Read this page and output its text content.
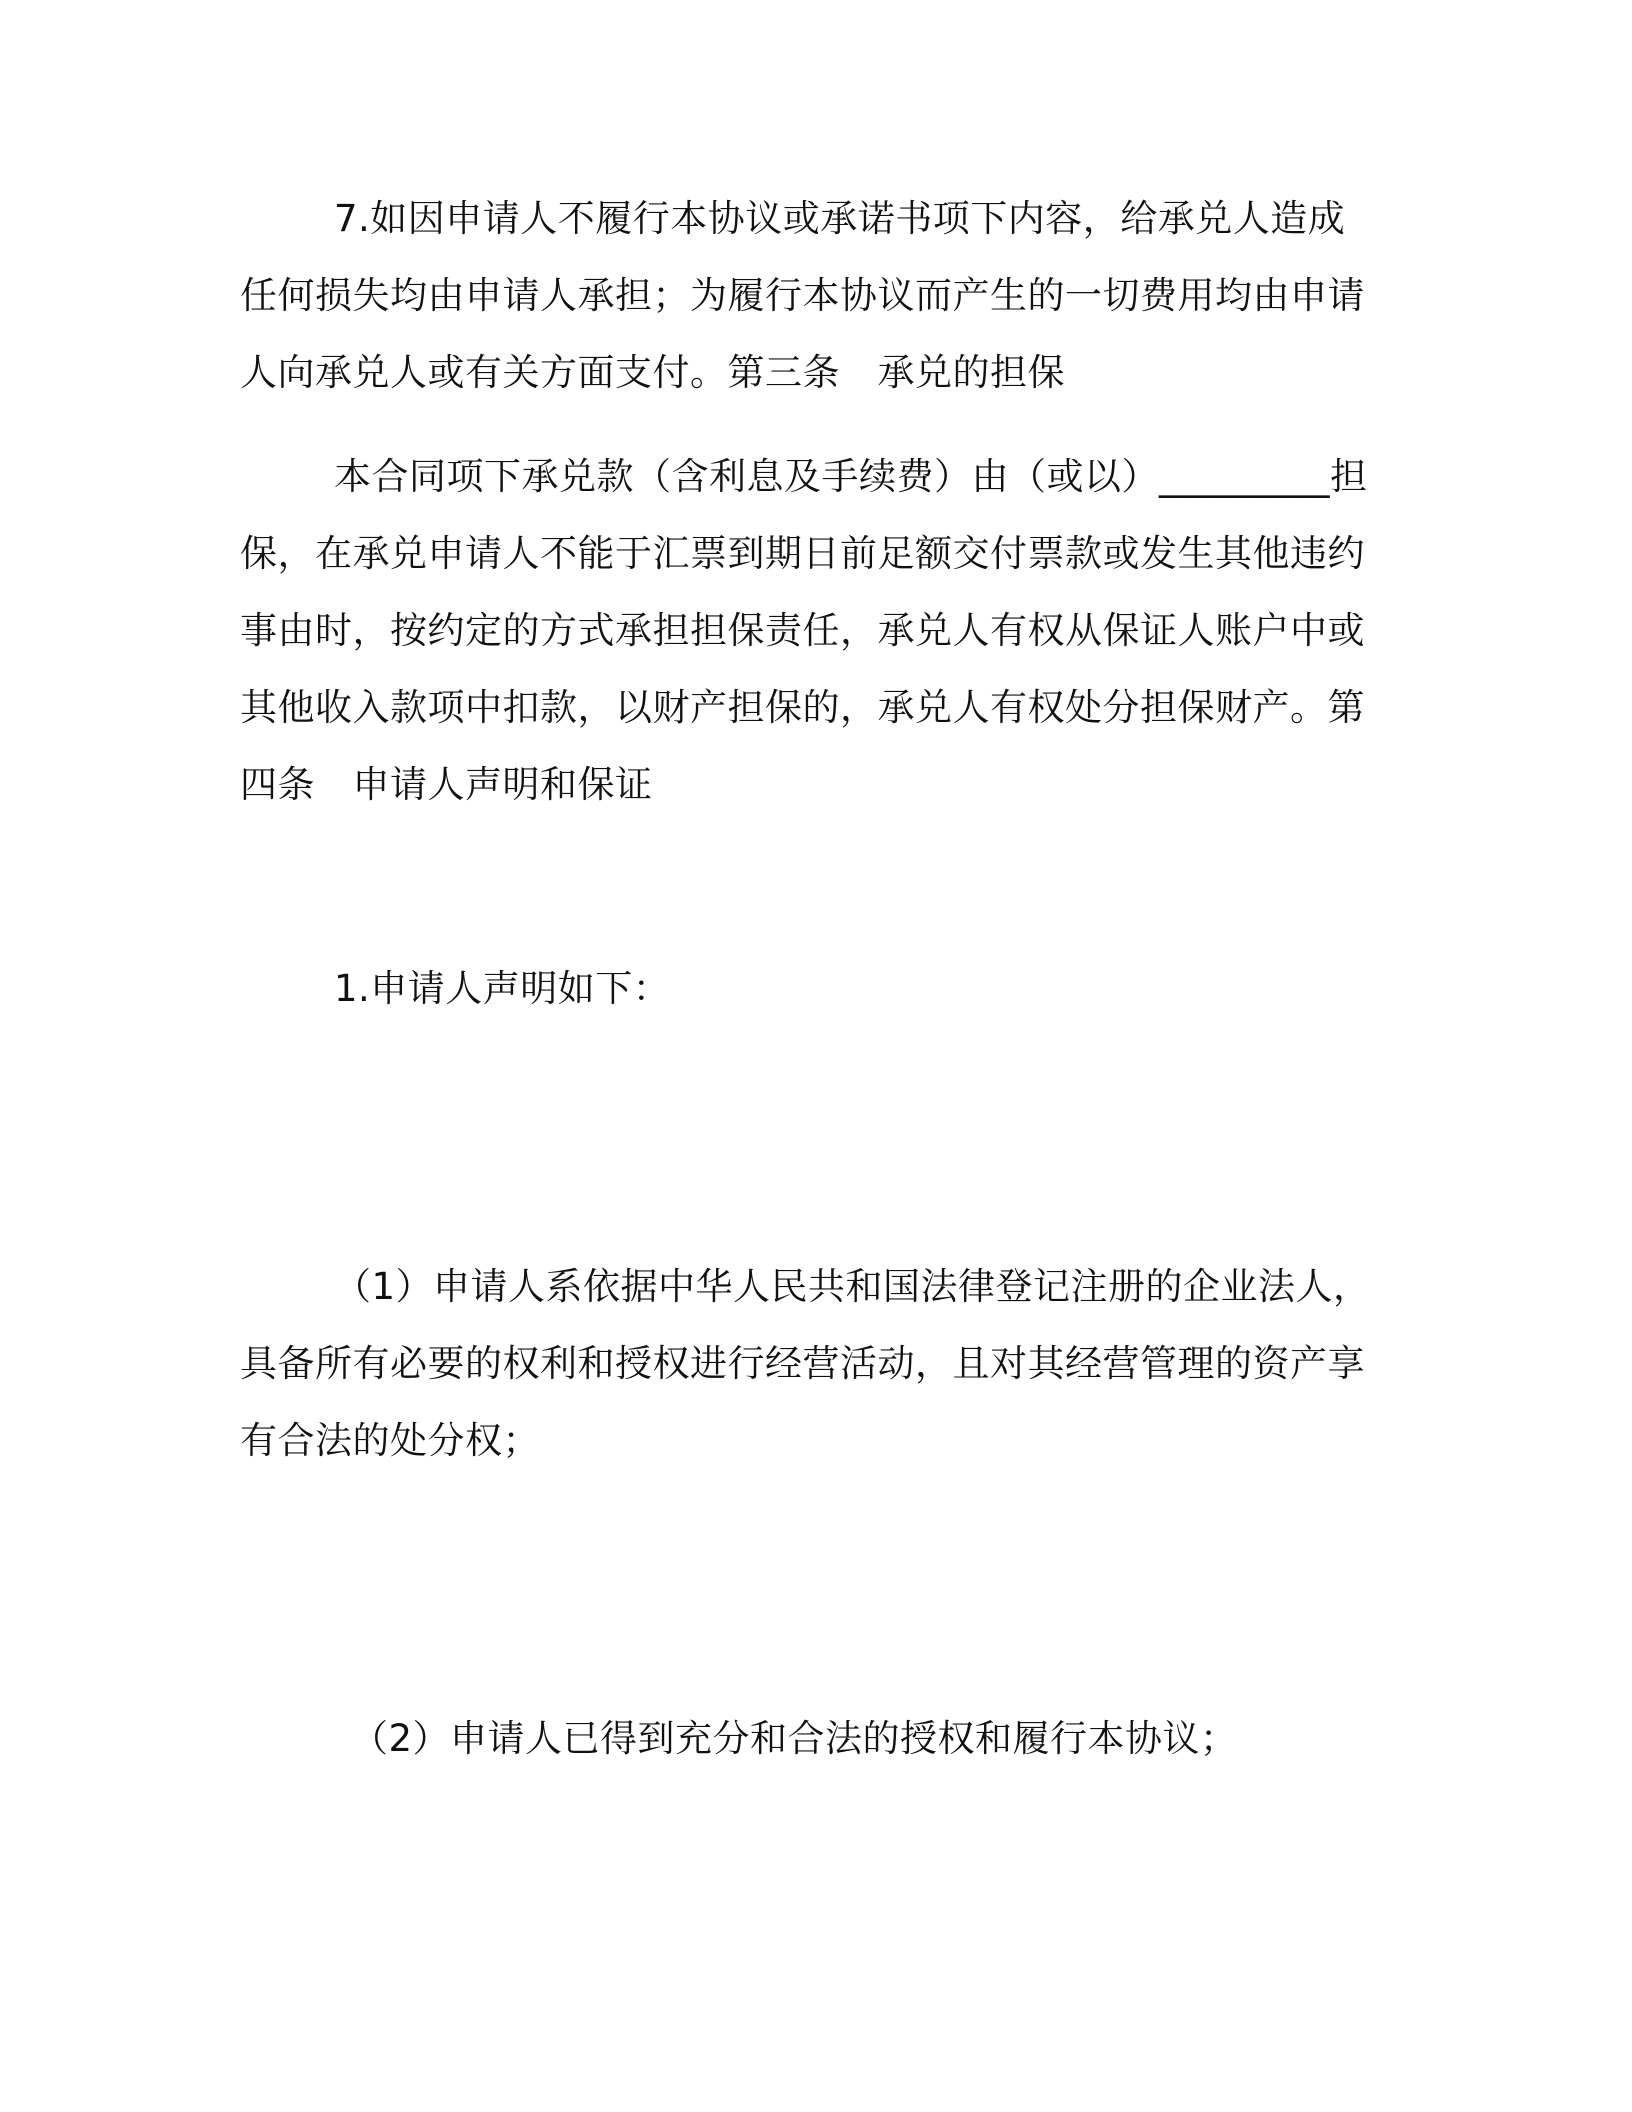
7.如因申请人不履行本协议或承诺书项下内容，给承兑人造成任何损失均由申请人承担；为履行本协议而产生的一切费用均由申请人向承兑人或有关方面支付。第三条　承兑的担保

本合同项下承兑款（含利息及手续费）由（或以）_________担保，在承兑申请人不能于汇票到期日前足额交付票款或发生其他违约事由时，按约定的方式承担担保责任，承兑人有权从保证人账户中或其他收入款项中扣款，以财产担保的，承兑人有权处分担保财产。第四条　申请人声明和保证

1.申请人声明如下：

（1）申请人系依据中华人民共和国法律登记注册的企业法人，具备所有必要的权利和授权进行经营活动，且对其经营管理的资产享有合法的处分权；

（2）申请人已得到充分和合法的授权和履行本协议；
